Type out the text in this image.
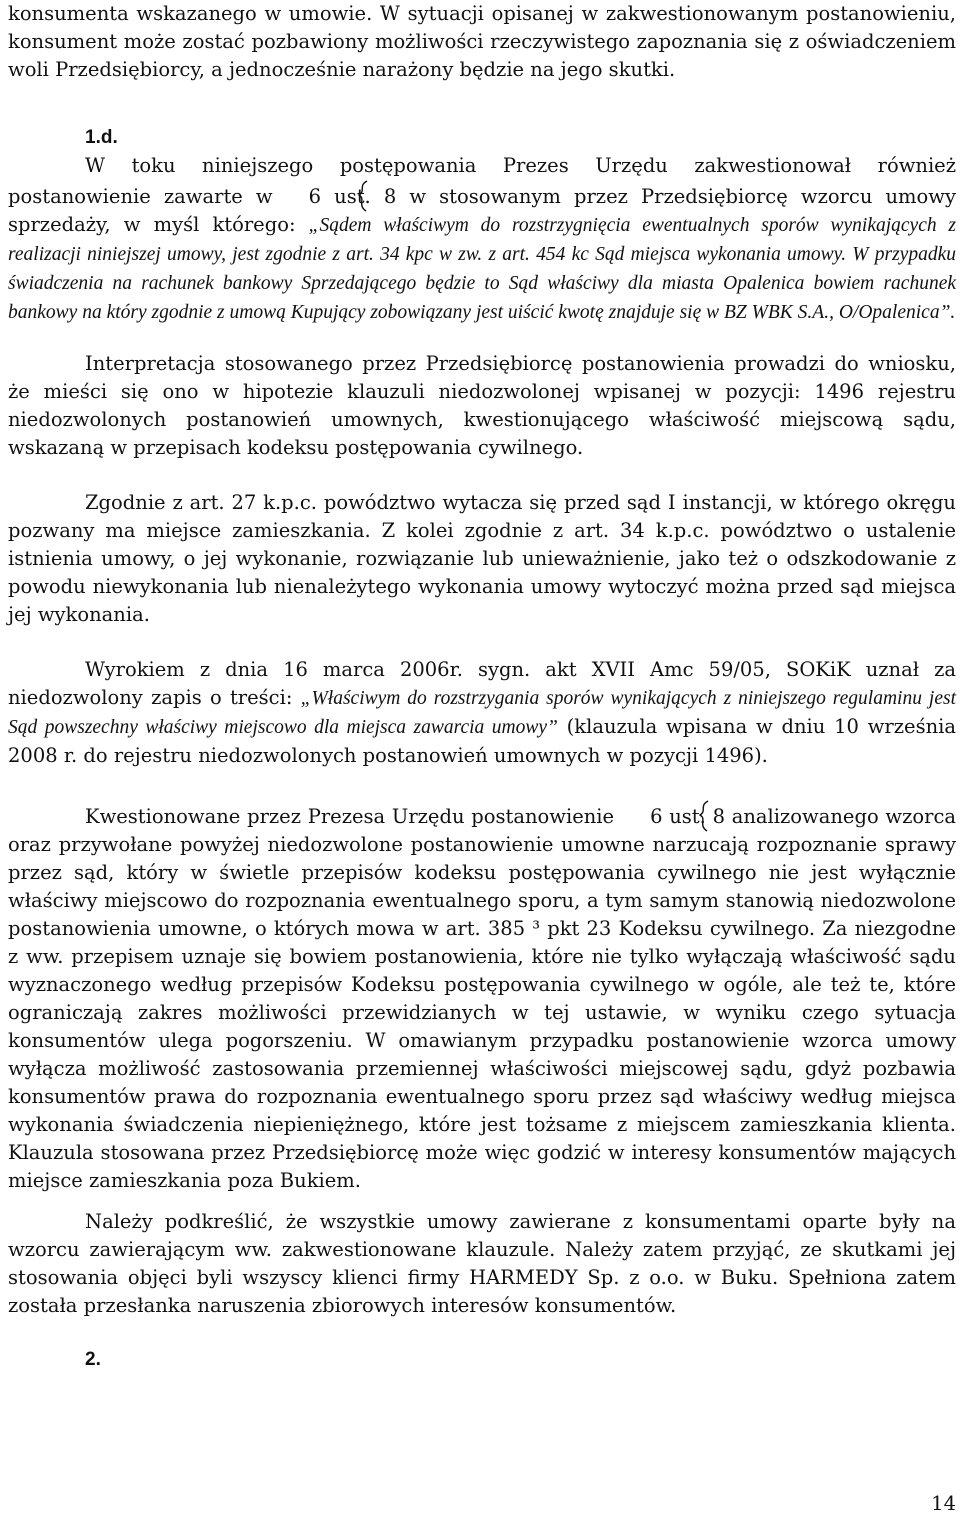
konsumenta wskazanego w umowie. W sytuacji opisanej w zakwestionowanym postanowieniu, konsument może zostać pozbawiony możliwości rzeczywistego zapoznania się z oświadczeniem woli Przedsiębiorcy, a jednocześnie narażony będzie na jego skutki.

1.d.

W toku niniejszego postępowania Prezes Urzędu zakwestionował również postanowienie zawarte w 6 ust. 8 w stosowanym przez Przedsiębiorcę wzorcu umowy sprzedaży, w myśl którego: „Sądem właściwym do rozstrzygnięcia ewentualnych sporów wynikających z realizacji niniejszej umowy, jest zgodnie z art. 34 kpc w zw. z art. 454 kc Sąd miejsca wykonania umowy. W przypadku świadczenia na rachunek bankowy Sprzedającego będzie to Sąd właściwy dla miasta Opalenica bowiem rachunek bankowy na który zgodnie z umową Kupujący zobowiązany jest uiścić kwotę znajduje się w BZ WBK S.A., O/Opalenica”.

Interpretacja stosowanego przez Przedsiębiorcę postanowienia prowadzi do wniosku, że mieści się ono w hipotezie klauzuli niedozwolonej wpisanej w pozycji: 1496 rejestru niedozwolonych postanowień umownych, kwestionującego właściwość miejscową sądu, wskazaną w przepisach kodeksu postępowania cywilnego.

Zgodnie z art. 27 k.p.c. powództwo wytacza się przed sąd I instancji, w którego okręgu pozwany ma miejsce zamieszkania. Z kolei zgodnie z art. 34 k.p.c. powództwo o ustalenie istnienia umowy, o jej wykonanie, rozwiązanie lub unieważnienie, jako też o odszkodowanie z powodu niewykonania lub nienależytego wykonania umowy wytoczyć można przed sąd miejsca jej wykonania.

Wyrokiem z dnia 16 marca 2006r. sygn. akt XVII Amc 59/05, SOKiK uznał za niedozwolony zapis o treści: „Właściwym do rozstrzygania sporów wynikających z niniejszego regulaminu jest Sąd powszechny właściwy miejscowo dla miejsca zawarcia umowy” (klauzula wpisana w dniu 10 września 2008 r. do rejestru niedozwolonych postanowień umownych w pozycji 1496).

Kwestionowane przez Prezesa Urzędu postanowienie 6 ust. 8 analizowanego wzorca oraz przywołane powyżej niedozwolone postanowienie umowne narzucają rozpoznanie sprawy przez sąd, który w świetle przepisów kodeksu postępowania cywilnego nie jest wyłącznie właściwy miejscowo do rozpoznania ewentualnego sporu, a tym samym stanowią niedozwolone postanowienia umowne, o których mowa w art. 385 ³ pkt 23 Kodeksu cywilnego. Za niezgodne z ww. przepisem uznaje się bowiem postanowienia, które nie tylko wyłączają właściwość sądu wyznaczonego według przepisów Kodeksu postępowania cywilnego w ogóle, ale też te, które ograniczają zakres możliwości przewidzianych w tej ustawie, w wyniku czego sytuacja konsumentów ulega pogorszeniu. W omawianym przypadku postanowienie wzorca umowy wyłącza możliwość zastosowania przemiennej właściwości miejscowej sądu, gdyż pozbawia konsumentów prawa do rozpoznania ewentualnego sporu przez sąd właściwy według miejsca wykonania świadczenia niepieniężnego, które jest tożsame z miejscem zamieszkania klienta. Klauzula stosowana przez Przedsiębiorcę może więc godzić w interesy konsumentów mających miejsce zamieszkania poza Bukiem.

Należy podkreślić, że wszystkie umowy zawierane z konsumentami oparte były na wzorcu zawierającym ww. zakwestionowane klauzule. Należy zatem przyjąć, ze skutkami jej stosowania objęci byli wszyscy klienci firmy HARMEDY Sp. z o.o. w Buku. Spełniona zatem została przesłanka naruszenia zbiorowych interesów konsumentów.

2.

14
